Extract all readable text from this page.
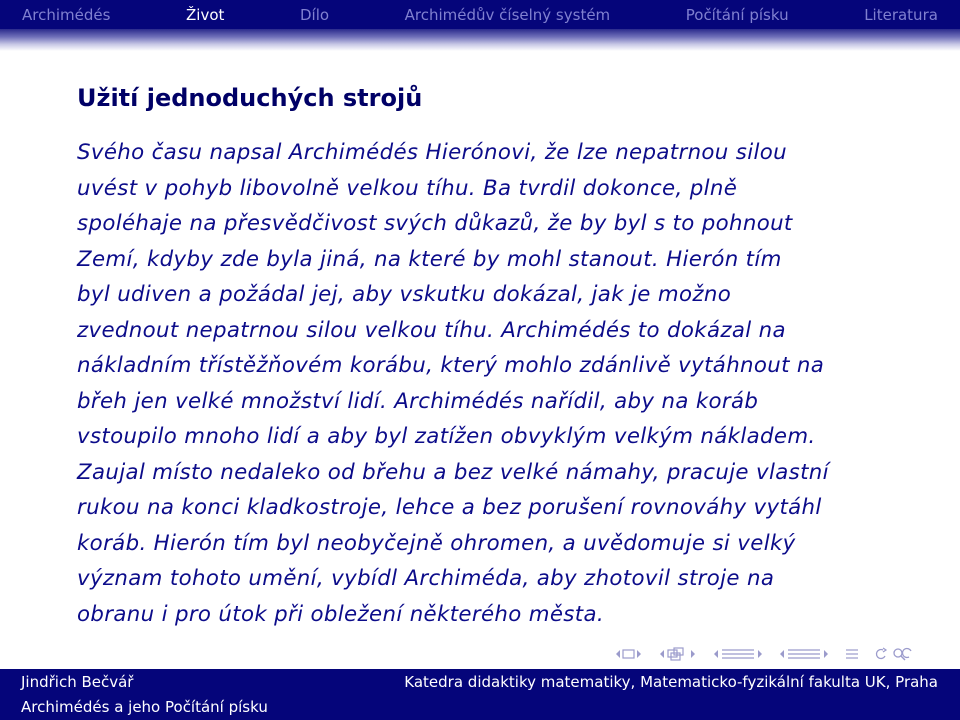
Archimédés	Život	Dílo	Archimédův číselný systém	Počítání písku	Literatura
Užití jednoduchých strojů
Svého času napsal Archimédés Hierónovi, že lze nepatrnou silou
uvést v pohyb libovolně velkou tíhu. Ba tvrdil dokonce, plně
spoléhaje na přesvědčivost svých důkazů, že by byl s to pohnout
Zemí, kdyby zde byla jiná, na které by mohl stanout. Hierón tím
byl udiven a požádal jej, aby vskutku dokázal, jak je možno
zvednout nepatrnou silou velkou tíhu. Archimédés to dokázal na
nákladním třístěžňovém korábu, který mohlo zdánlivě vytáhnout na
břeh jen velké množství lidí. Archimédés nařídil, aby na koráb
vstoupilo mnoho lidí a aby byl zatížen obvyklým velkým nákladem.
Zaujal místo nedaleko od břehu a bez velké námahy, pracuje vlastní
rukou na konci kladkostroje, lehce a bez porušení rovnováhy vytáhl
koráb. Hierón tím byl neobyčejně ohromen, a uvědomuje si velký
význam tohoto umění, vybídl Archiméda, aby zhotovil stroje na
obranu i pro útok při obležení některého města.
Jindřich Bečvář	Katedra didaktiky matematiky, Matematicko-fyzikální fakulta UK, Praha
Archimédés a jeho Počítání písku
